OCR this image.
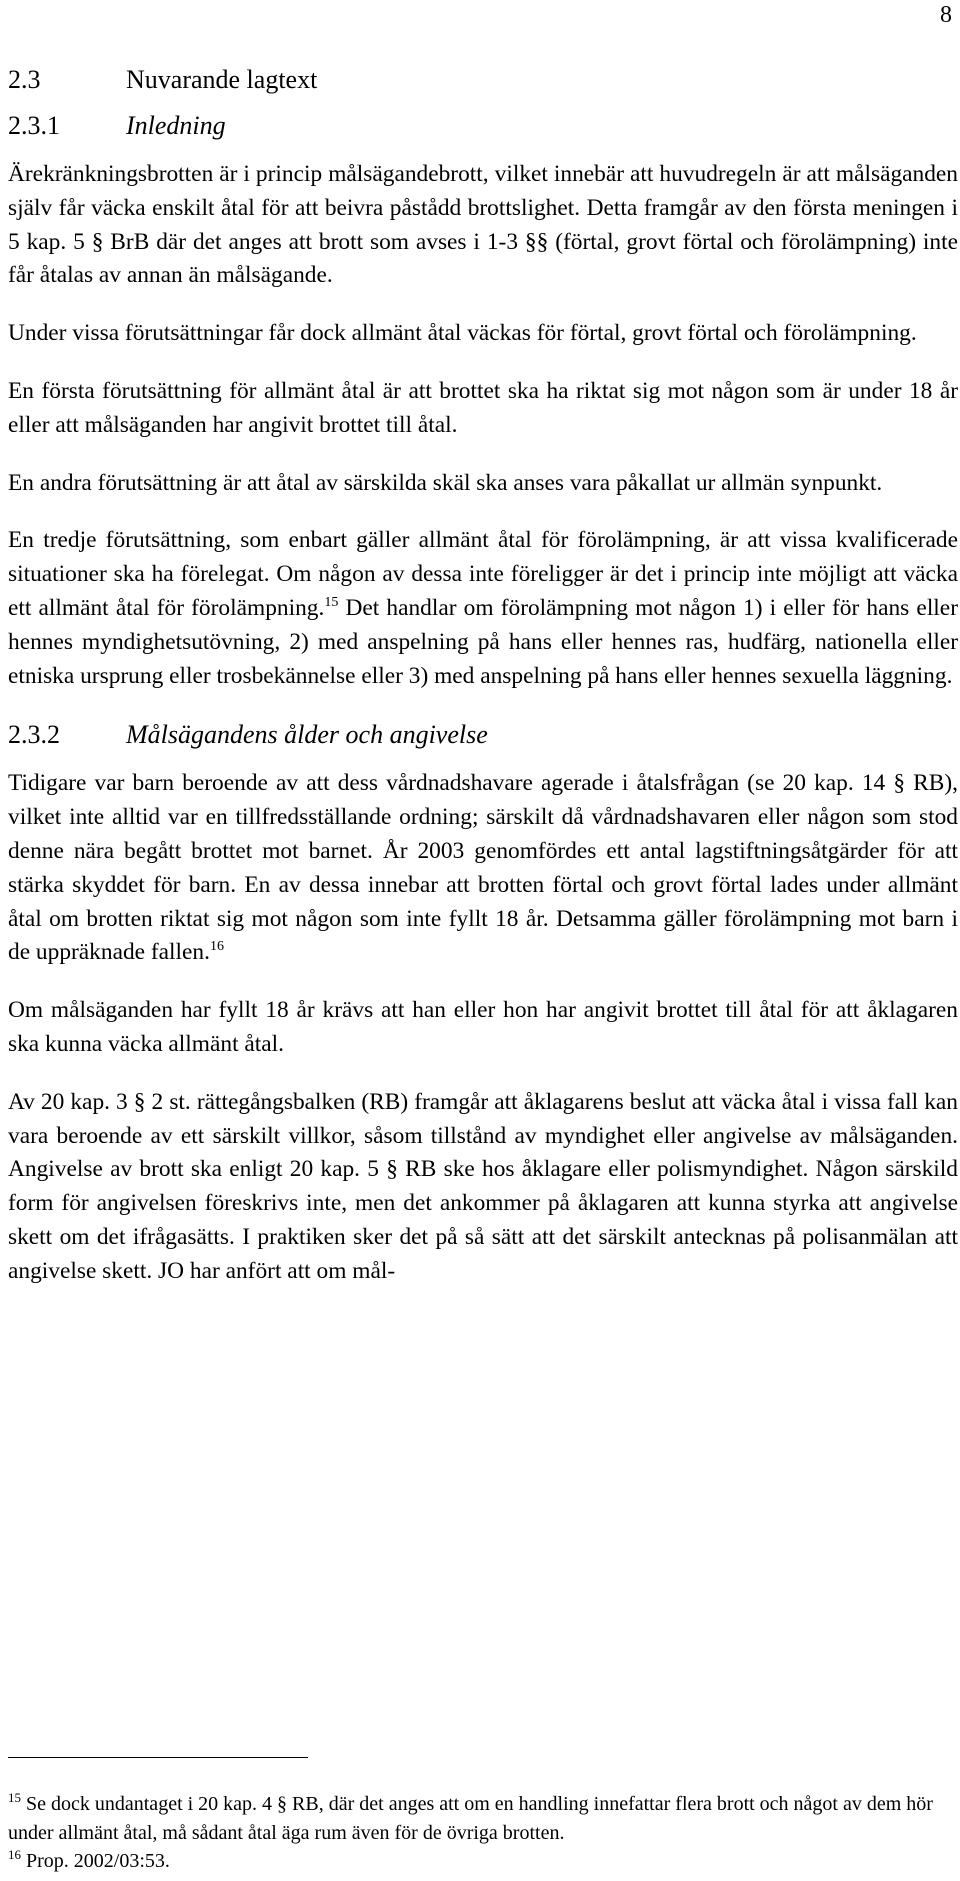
8
2.3	Nuvarande lagtext
2.3.1	Inledning

Ärekränkningsbrotten är i princip målsägandebrott, vilket innebär att huvudregeln är att målsäganden själv får väcka enskilt åtal för att beivra påstådd brottslighet. Detta framgår av den första meningen i 5 kap. 5 § BrB där det anges att brott som avses i 1-3 §§ (förtal, grovt förtal och förolämpning) inte får åtalas av annan än målsägande.

Under vissa förutsättningar får dock allmänt åtal väckas för förtal, grovt förtal och förolämpning.

En första förutsättning för allmänt åtal är att brottet ska ha riktat sig mot någon som är under 18 år eller att målsäganden har angivit brottet till åtal.

En andra förutsättning är att åtal av särskilda skäl ska anses vara påkallat ur allmän synpunkt.

En tredje förutsättning, som enbart gäller allmänt åtal för förolämpning, är att vissa kvalificerade situationer ska ha förelegat. Om någon av dessa inte föreligger är det i princip inte möjligt att väcka ett allmänt åtal för förolämpning.$^{15}$ Det handlar om förolämpning mot någon 1) i eller för hans eller hennes myndighetsutövning, 2) med anspelning på hans eller hennes ras, hudfärg, nationella eller etniska ursprung eller trosbekännelse eller 3) med anspelning på hans eller hennes sexuella läggning.

2.3.2	Målsägandens ålder och angivelse

Tidigare var barn beroende av att dess vårdnadshavare agerade i åtalsfrågan (se 20 kap. 14 § RB), vilket inte alltid var en tillfredsställande ordning; särskilt då vårdnadshavaren eller någon som stod denne nära begått brottet mot barnet. År 2003 genomfördes ett antal lagstiftningsåtgärder för att stärka skyddet för barn. En av dessa innebar att brotten förtal och grovt förtal lades under allmänt åtal om brotten riktat sig mot någon som inte fyllt 18 år. Detsamma gäller förolämpning mot barn i de uppräknade fallen.$^{16}$

Om målsäganden har fyllt 18 år krävs att han eller hon har angivit brottet till åtal för att åklagaren ska kunna väcka allmänt åtal.

Av 20 kap. 3 § 2 st. rättegångsbalken (RB) framgår att åklagarens beslut att väcka åtal i vissa fall kan vara beroende av ett särskilt villkor, såsom tillstånd av myndighet eller angivelse av målsäganden. Angivelse av brott ska enligt 20 kap. 5 § RB ske hos åklagare eller polismyndighet. Någon särskild form för angivelsen föreskrivs inte, men det ankommer på åklagaren att kunna styrka att angivelse skett om det ifrågasätts. I praktiken sker det på så sätt att det särskilt antecknas på polisanmälan att angivelse skett. JO har anfört att om mål-

$^{15}$ Se dock undantaget i 20 kap. 4 § RB, där det anges att om en handling innefattar flera brott och något av dem hör under allmänt åtal, må sådant åtal äga rum även för de övriga brotten.

$^{16}$ Prop. 2002/03:53.
